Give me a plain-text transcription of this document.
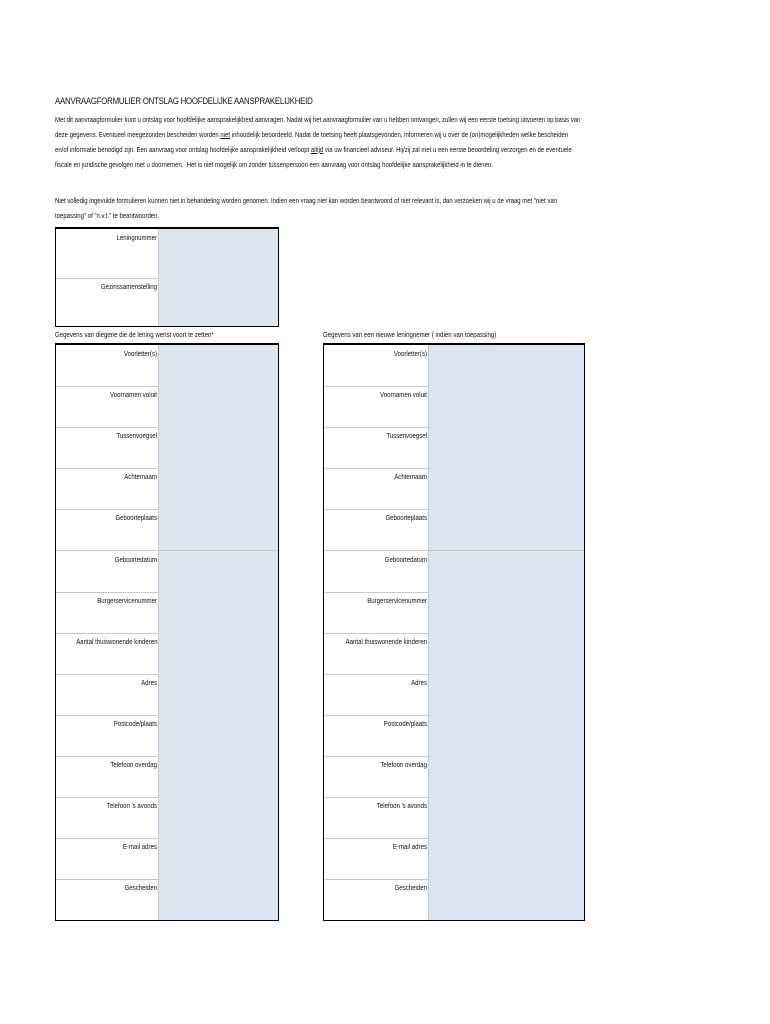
AANVRAAGFORMULIER ONTSLAG HOOFDELIJKE AANSPRAKELIJKHEID
Met dit aanvraagformulier kunt u ontslag voor hoofdelijke aansprakelijkheid aanvragen. Nadat wij het aanvraagformulier van u hebben ontvangen, zullen wij een eerste toetsing uitvoeren op basis van deze gegevens. Eventueel meegezonden bescheiden worden niet inhoudelijk beoordeeld. Nadat de toetsing heeft plaatsgevonden, informeren wij u over de (on)mogelijkheden welke bescheiden en/of informatie benodigd zijn. Een aanvraag voor ontslag hoofdelijke aansprakelijkheid verloopt altijd via uw financieel adviseur. Hij/zij zal met u een eerste beoordeling verzorgen en de eventuele fiscale en juridische gevolgen met u doornemen.  Het is niet mogelijk om zonder tussenpersoon een aanvraag voor ontslag hoofdelijke aansprakelijkheid in te dienen.
Niet volledig ingevulde formulieren kunnen niet in behandeling worden genomen. Indien een vraag niet kan worden beantwoord of niet relevant is, dan verzoeken wij u de vraag met "niet van toepassing" of "n.v.t." te beantwoorden.
Leningnummer
Gezinssamenstelling
Gegevens van diegene die de lening wenst voort te zetten*	Gegevens van een nieuwe leningnemer ( indien van toepassing)
Voorletter(s)
Voornamen voluit
Tussenvoegsel
Achternaam
Geboorteplaats
Geboortedatum
Burgerservicenummer
Aantal thuiswonende kinderen
Adres
Postcode/plaats
Telefoon overdag
Telefoon 's avonds
E-mail adres
Gescheiden
Voorletter(s)
Voornamen voluit
Tussenvoegsel
Achternaam
Geboorteplaats
Geboortedatum
Burgerservicenummer
Aantal thuiswonende kinderen
Adres
Postcode/plaats
Telefoon overdag
Telefoon 's avonds
E-mail adres
Gescheiden
